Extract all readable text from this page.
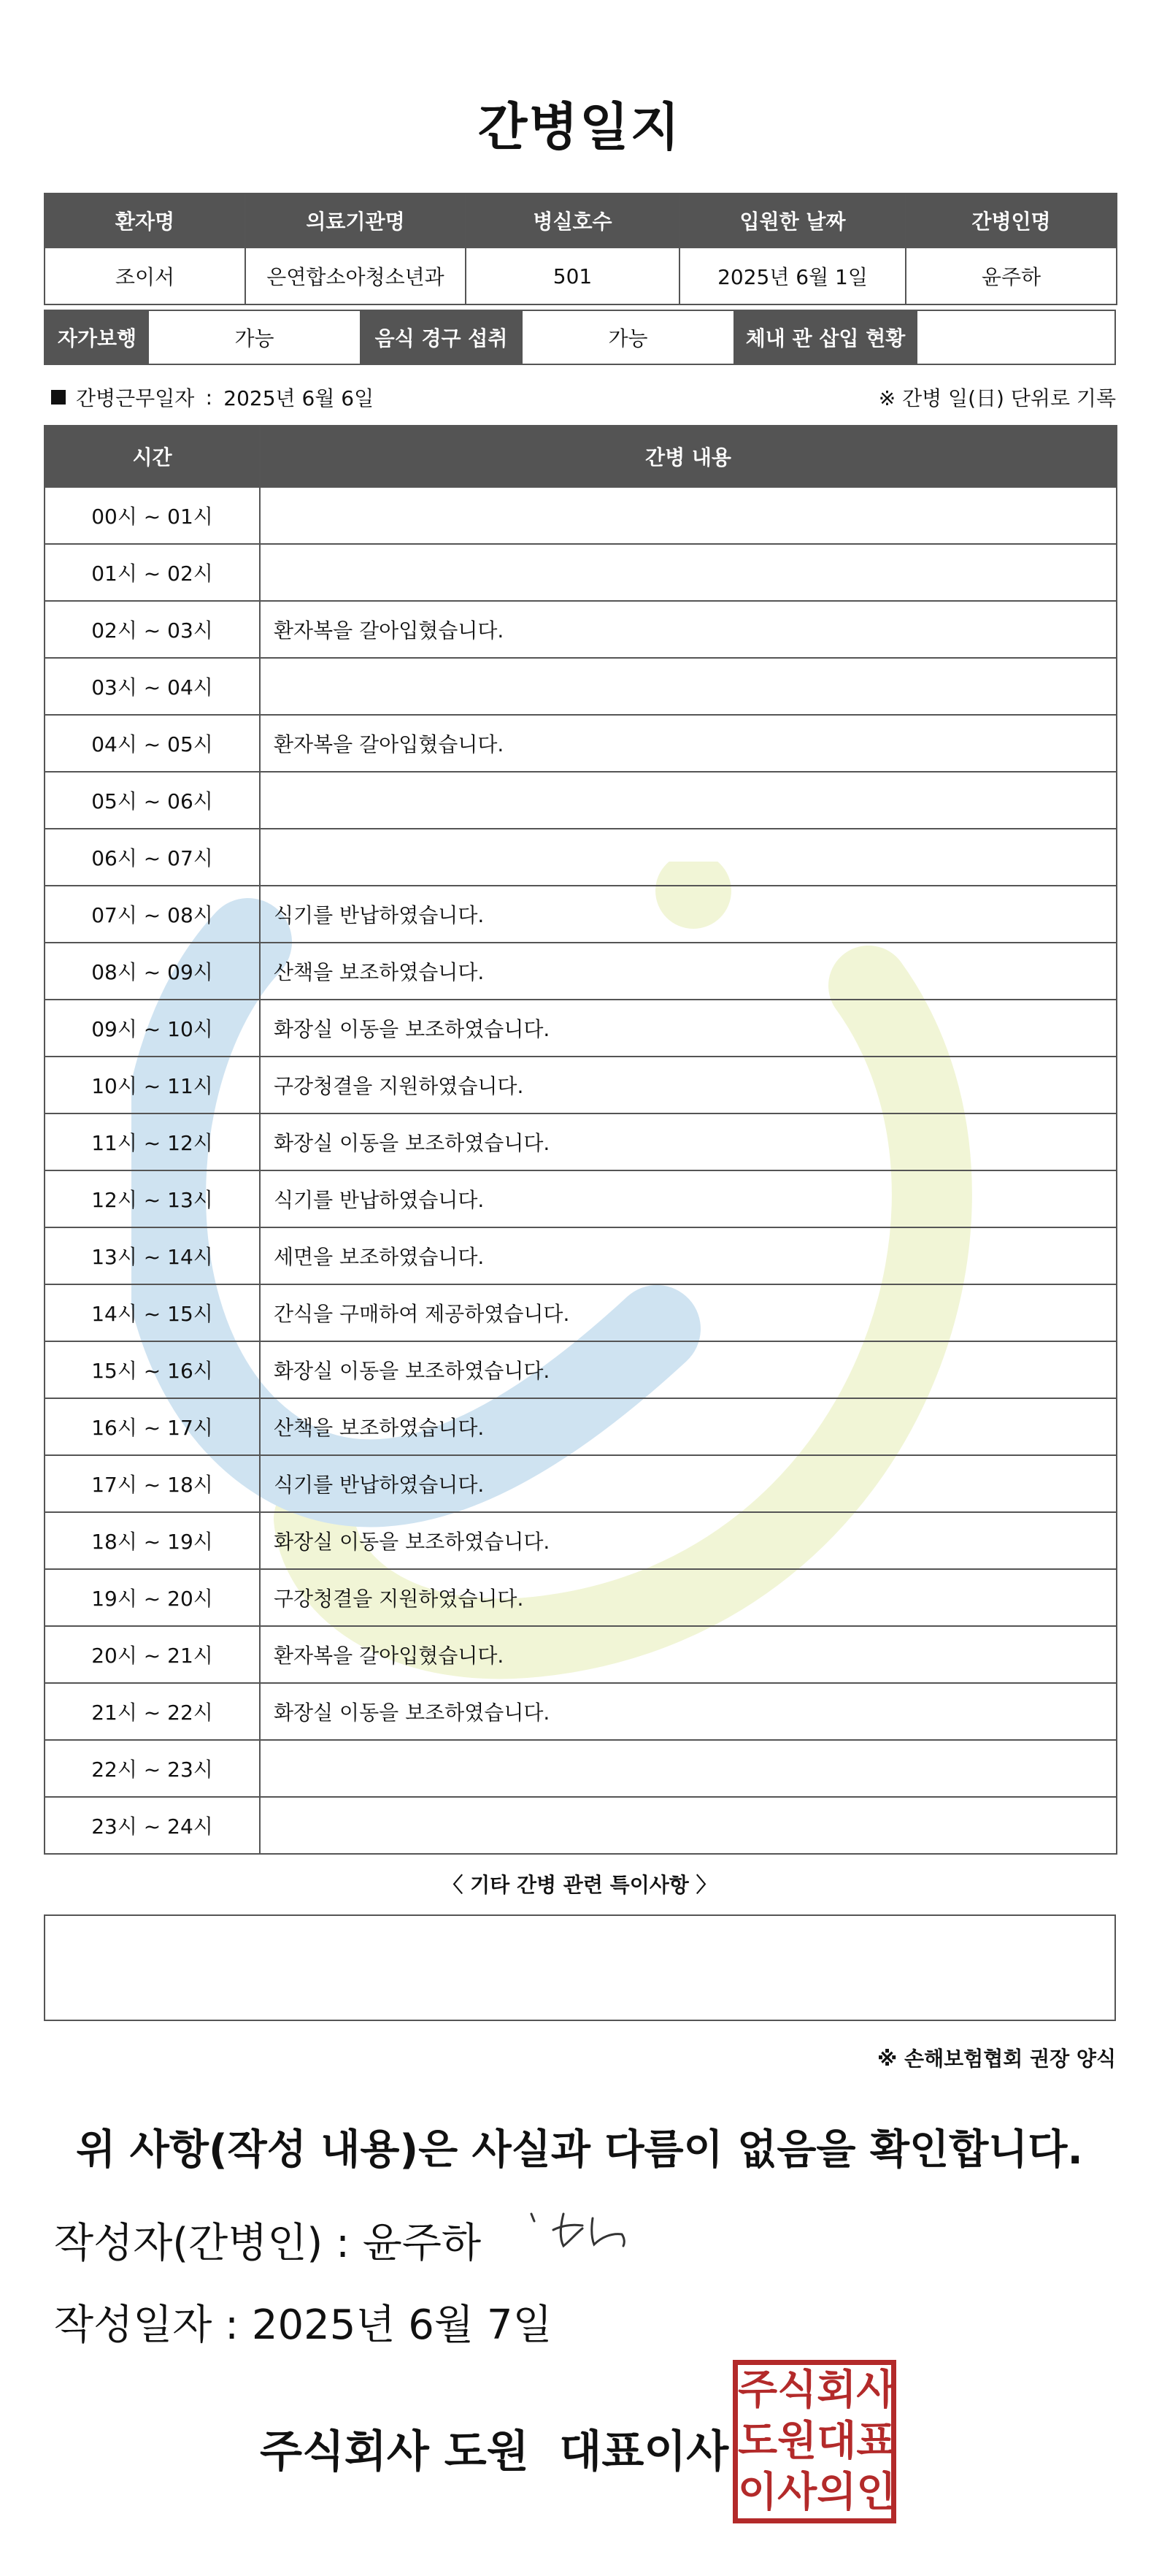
간병일지
환자명	의료기관명	병실호수	입원한 날짜	간병인명
조이서	은연합소아청소년과	501	2025년 6월 1일	윤주하
자가보행	가능	음식 경구 섭취	가능	체내 관 삽입 현황
간병근무일자 : 2025년 6월 6일	※ 간병 일(日) 단위로 기록
시간	간병 내용
00시 ~ 01시	
01시 ~ 02시	
02시 ~ 03시	환자복을 갈아입혔습니다.
03시 ~ 04시	
04시 ~ 05시	환자복을 갈아입혔습니다.
05시 ~ 06시	
06시 ~ 07시	
07시 ~ 08시	식기를 반납하였습니다.
08시 ~ 09시	산책을 보조하였습니다.
09시 ~ 10시	화장실 이동을 보조하였습니다.
10시 ~ 11시	구강청결을 지원하였습니다.
11시 ~ 12시	화장실 이동을 보조하였습니다.
12시 ~ 13시	식기를 반납하였습니다.
13시 ~ 14시	세면을 보조하였습니다.
14시 ~ 15시	간식을 구매하여 제공하였습니다.
15시 ~ 16시	화장실 이동을 보조하였습니다.
16시 ~ 17시	산책을 보조하였습니다.
17시 ~ 18시	식기를 반납하였습니다.
18시 ~ 19시	화장실 이동을 보조하였습니다.
19시 ~ 20시	구강청결을 지원하였습니다.
20시 ~ 21시	환자복을 갈아입혔습니다.
21시 ~ 22시	화장실 이동을 보조하였습니다.
22시 ~ 23시	
23시 ~ 24시	
〈 기타 간병 관련 특이사항 〉
※ 손해보험협회 권장 양식
위 사항(작성 내용)은 사실과 다름이 없음을 확인합니다.
작성자(간병인) : 윤주하
작성일자 : 2025년 6월 7일
주식회사 도원  대표이사
주 식 회 사
도 원 대 표
이 사 의 인
